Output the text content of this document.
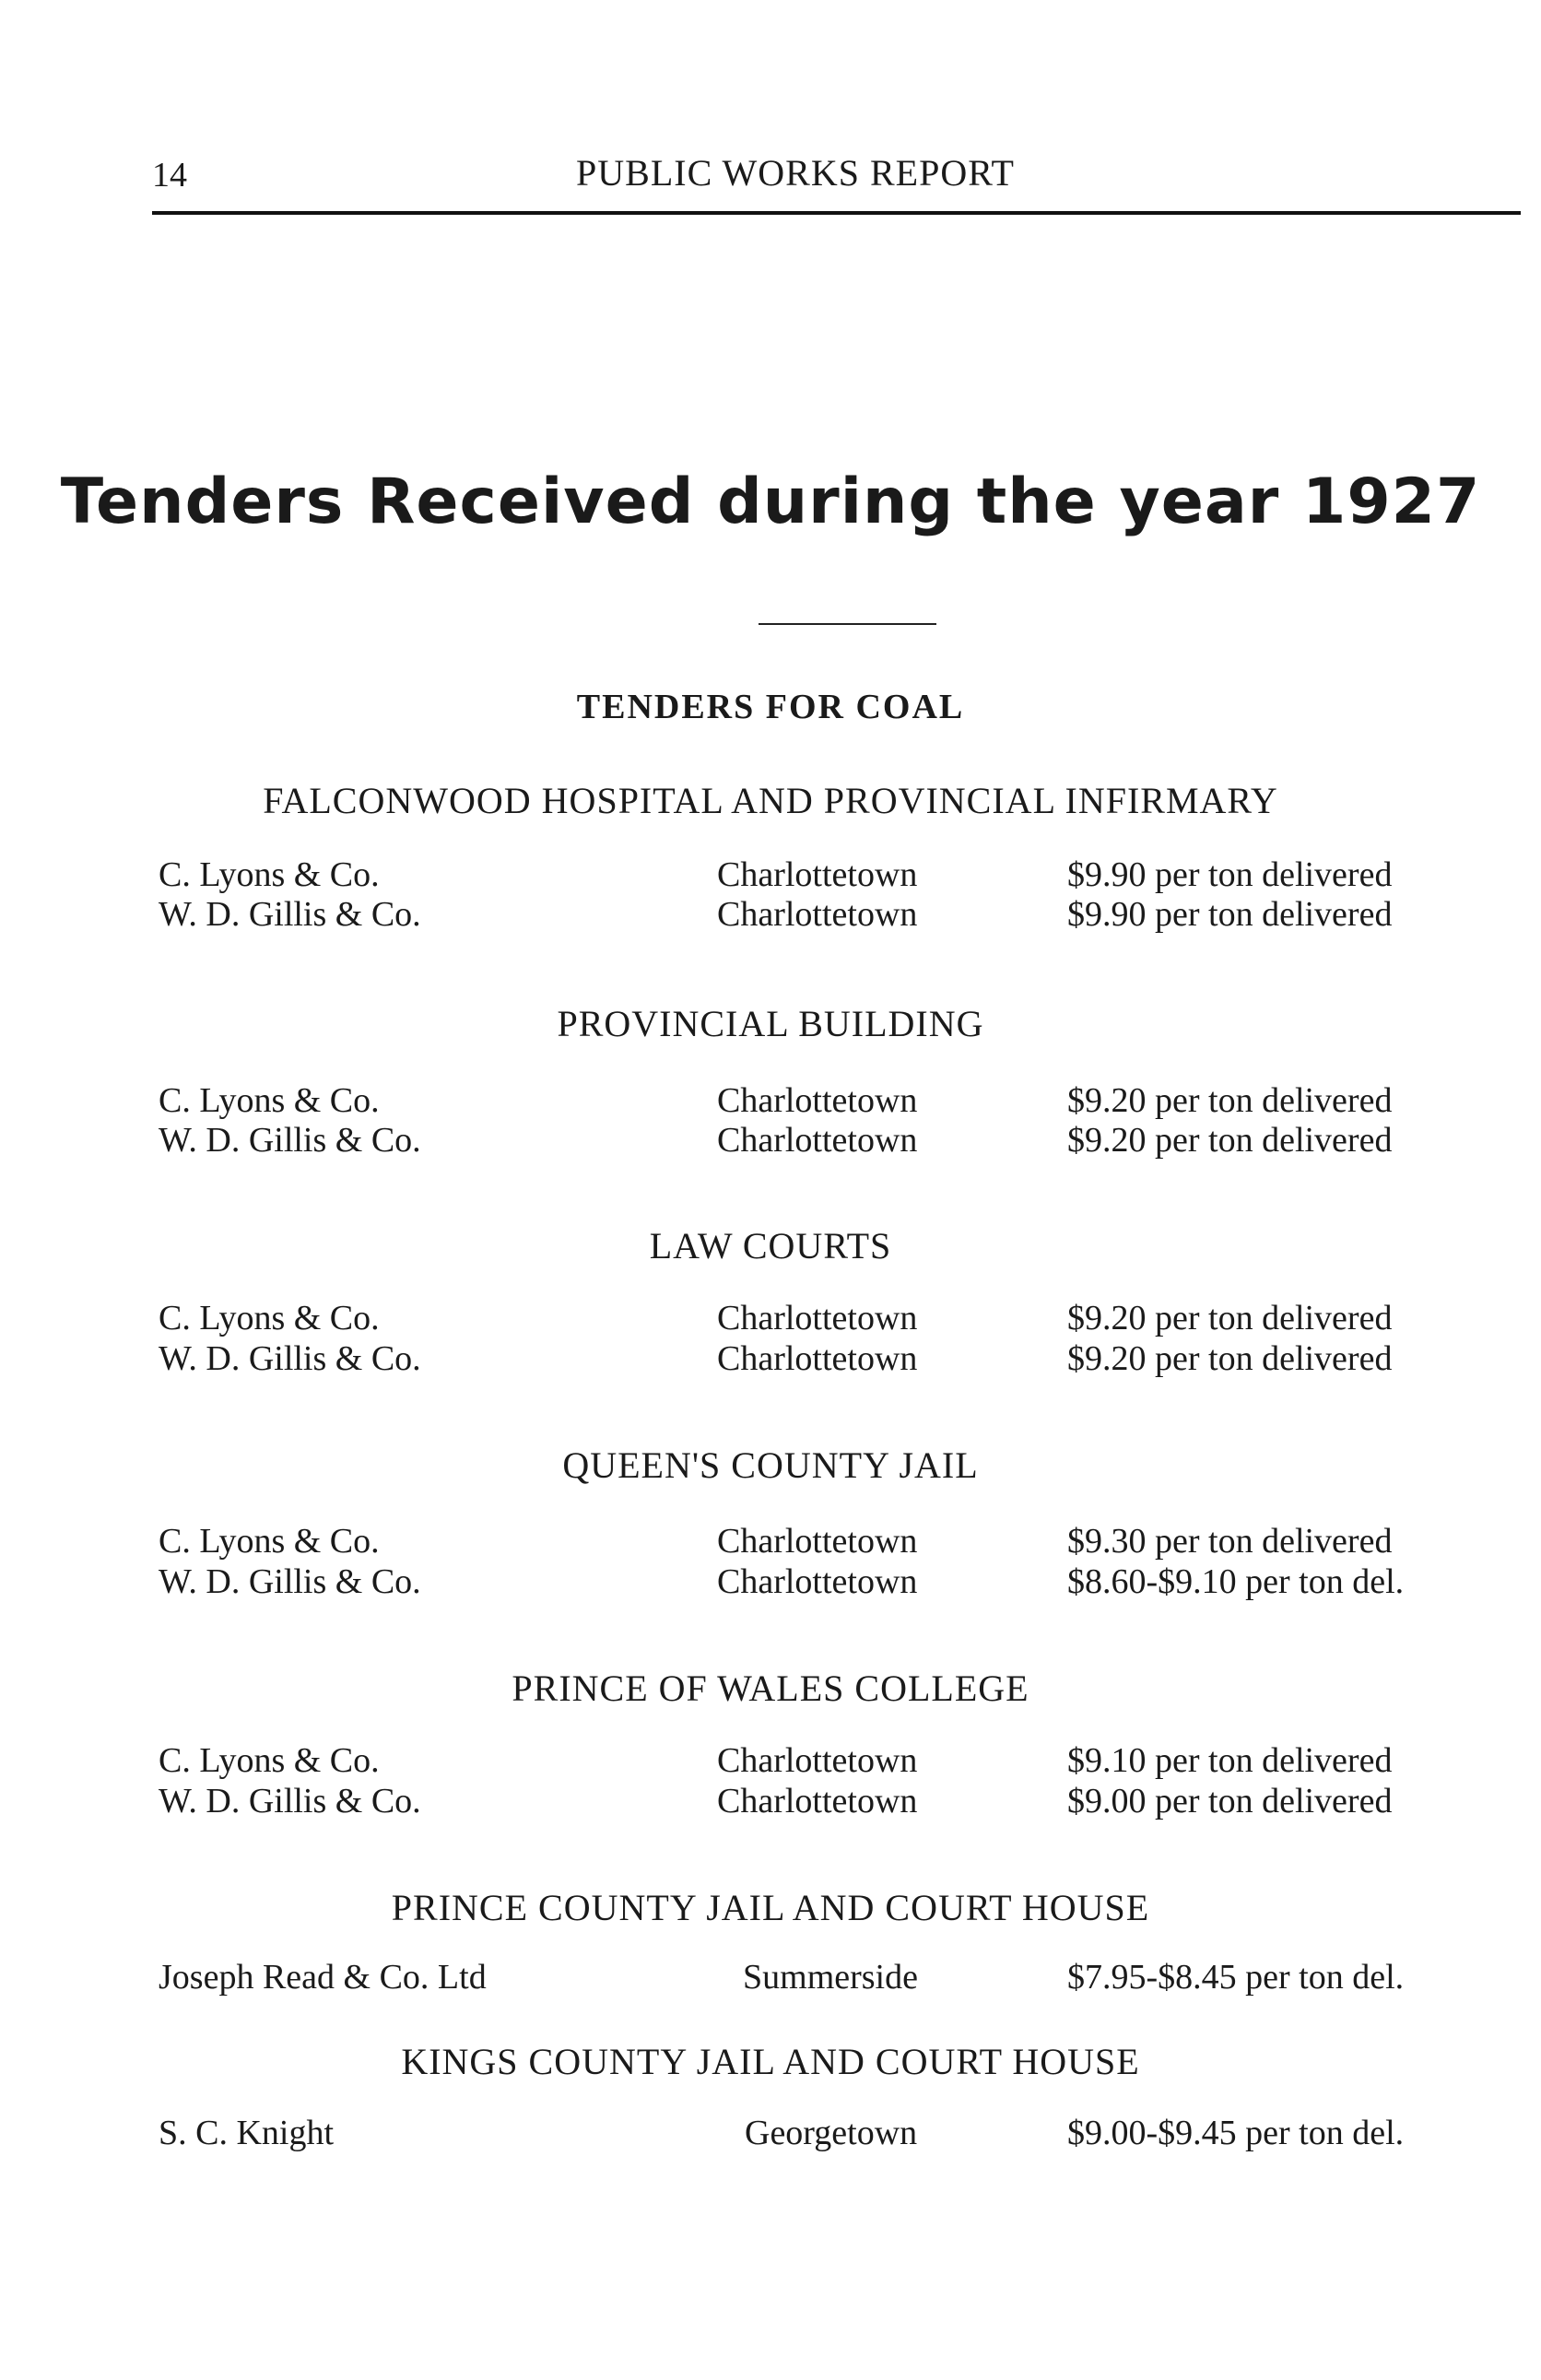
14	PUBLIC WORKS REPORT
Tenders Received during the year 1927
TENDERS FOR COAL
FALCONWOOD HOSPITAL AND PROVINCIAL INFIRMARY
C. Lyons & Co.	Charlottetown	$9.90 per ton delivered
W. D. Gillis & Co.	Charlottetown	$9.90 per ton delivered
PROVINCIAL BUILDING
C. Lyons & Co.	Charlottetown	$9.20 per ton delivered
W. D. Gillis & Co.	Charlottetown	$9.20 per ton delivered
LAW COURTS
C. Lyons & Co.	Charlottetown	$9.20 per ton delivered
W. D. Gillis & Co.	Charlottetown	$9.20 per ton delivered
QUEEN'S COUNTY JAIL
C. Lyons & Co.	Charlottetown	$9.30 per ton delivered
W. D. Gillis & Co.	Charlottetown	$8.60-$9.10 per ton del.
PRINCE OF WALES COLLEGE
C. Lyons & Co.	Charlottetown	$9.10 per ton delivered
W. D. Gillis & Co.	Charlottetown	$9.00 per ton delivered
PRINCE COUNTY JAIL AND COURT HOUSE
Joseph Read & Co. Ltd	Summerside	$7.95-$8.45 per ton del.
KINGS COUNTY JAIL AND COURT HOUSE
S. C. Knight	Georgetown	$9.00-$9.45 per ton del.
